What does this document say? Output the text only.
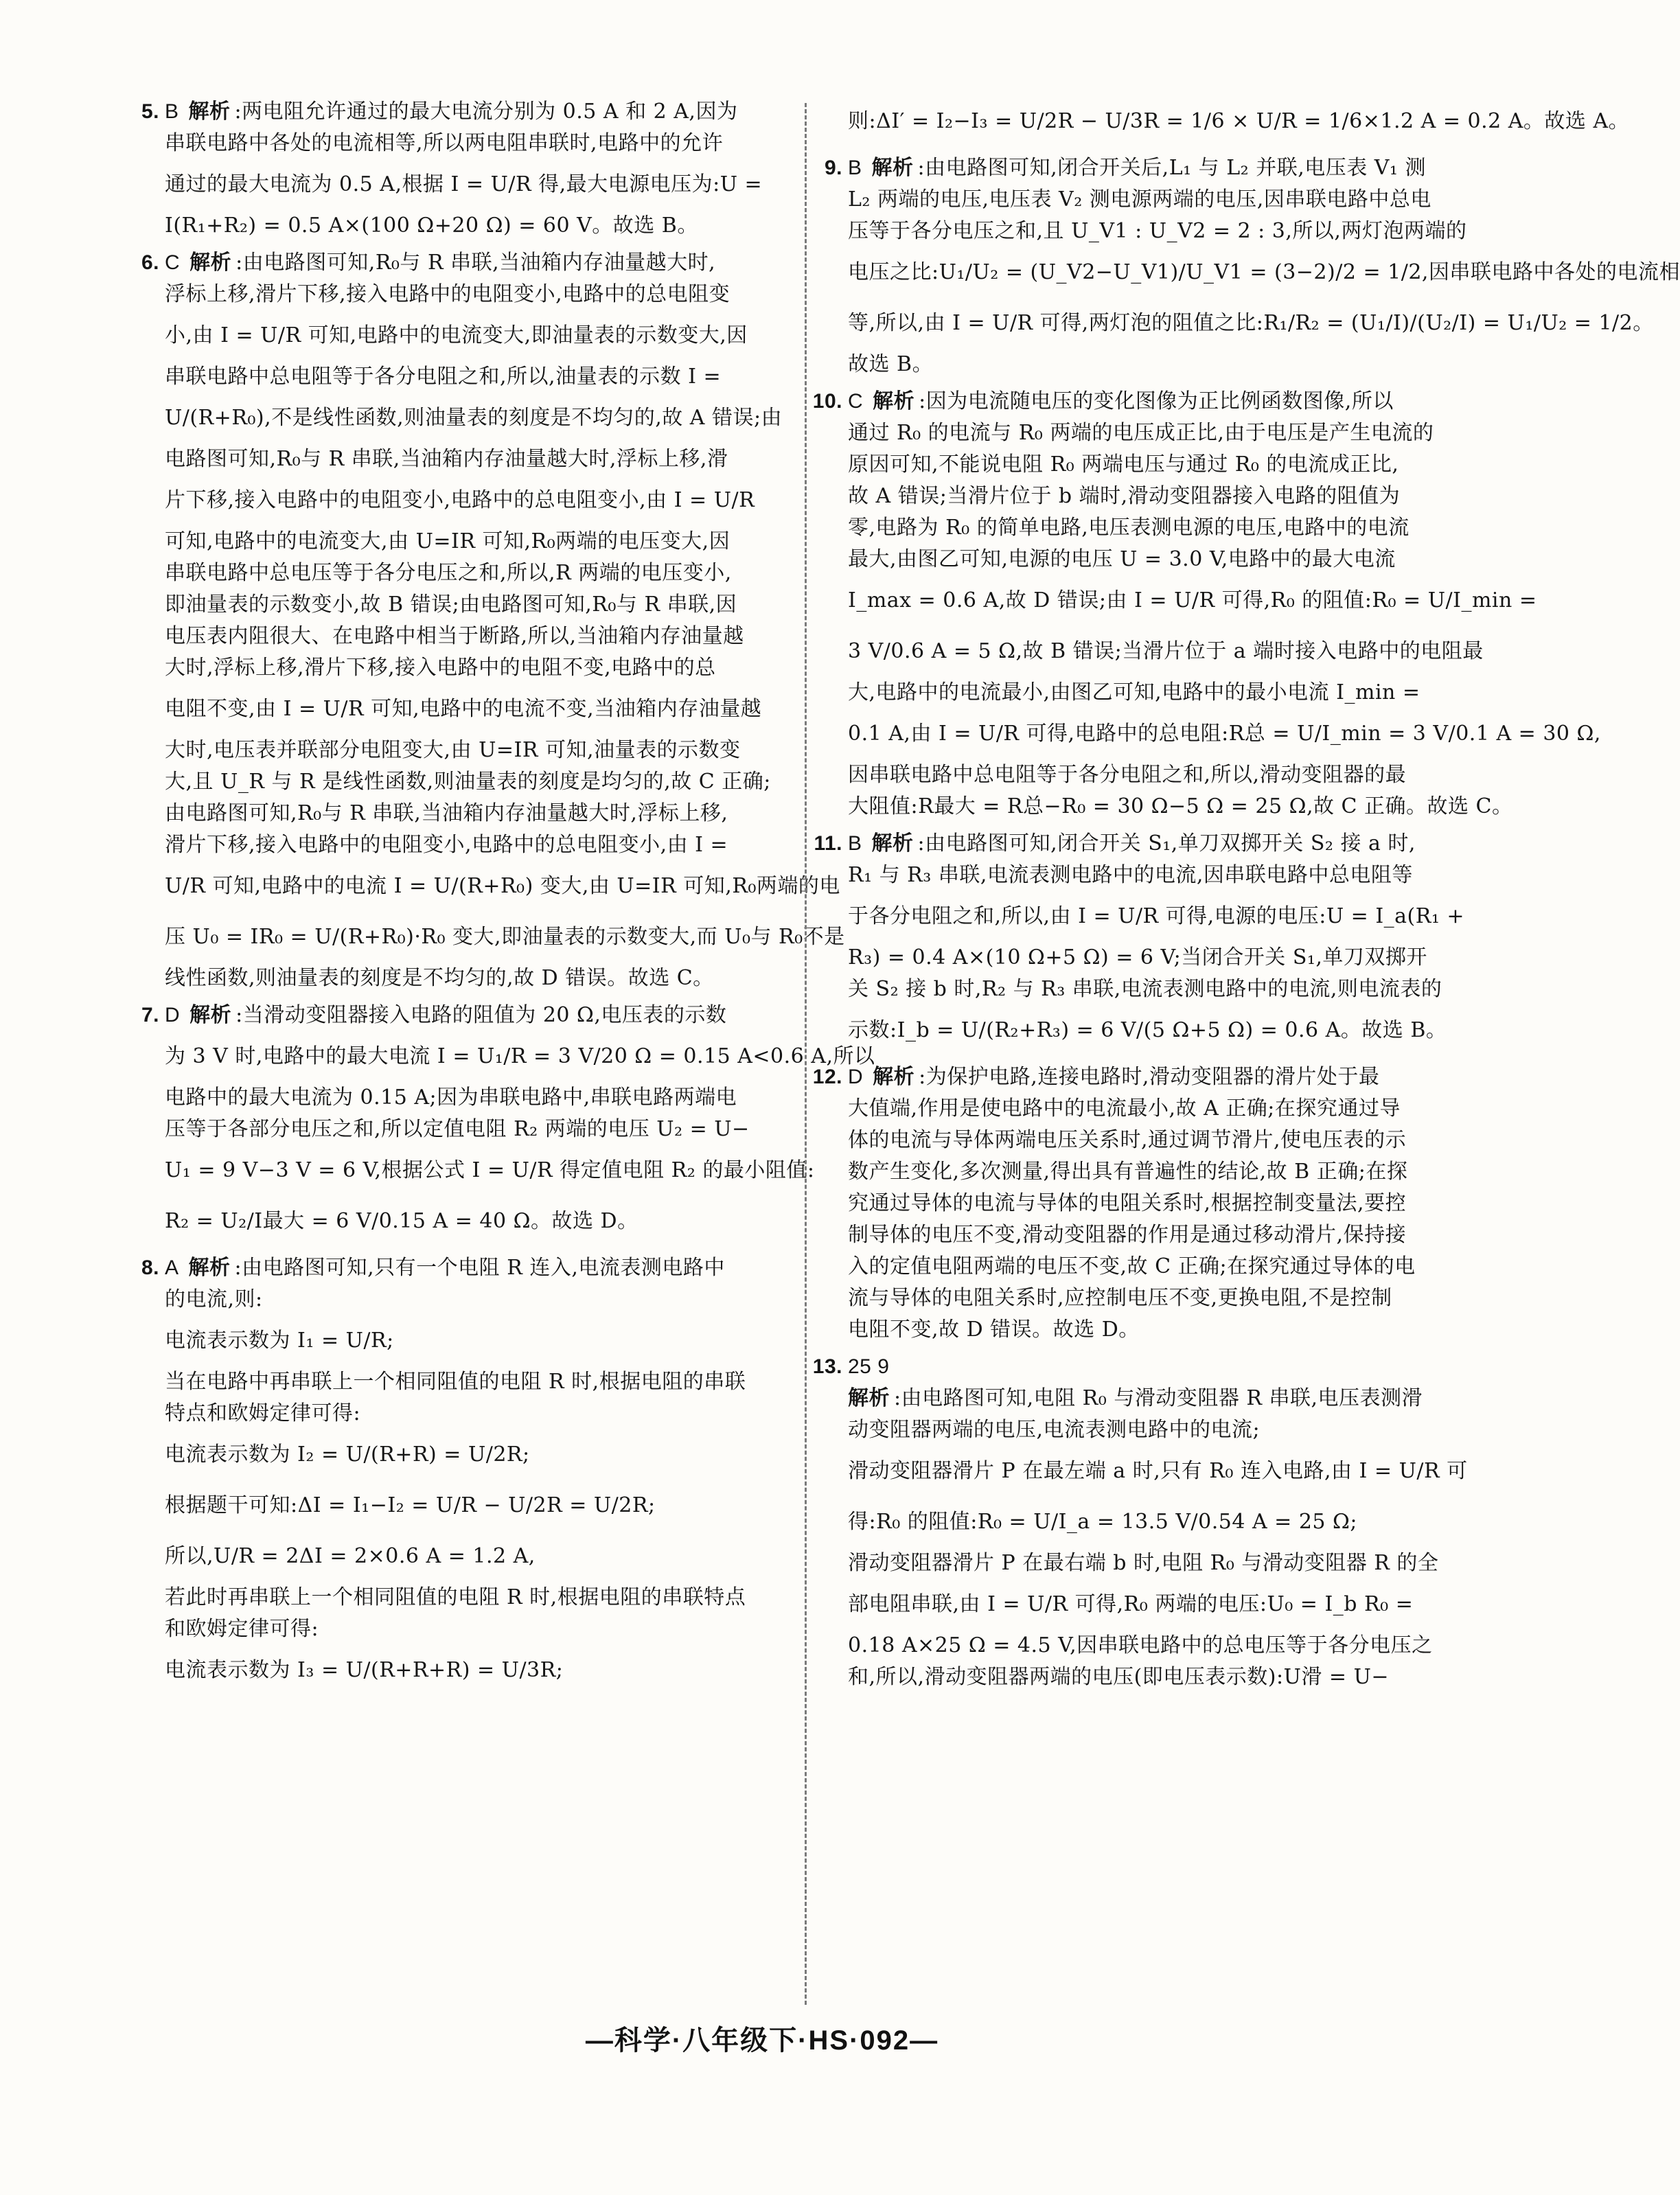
5. B 解析 :两电阻允许通过的最大电流分别为 0.5 A 和 2 A,因为
串联电路中各处的电流相等,所以两电阻串联时,电路中的允许
通过的最大电流为 0.5 A,根据 I = U/R 得,最大电源电压为:U =
I(R₁+R₂) = 0.5 A×(100 Ω+20 Ω) = 60 V。故选 B。
6. C 解析 :由电路图可知,R₀与 R 串联,当油箱内存油量越大时,
浮标上移,滑片下移,接入电路中的电阻变小,电路中的总电阻变
小,由 I = U/R 可知,电路中的电流变大,即油量表的示数变大,因
串联电路中总电阻等于各分电阻之和,所以,油量表的示数 I =
U/(R+R₀),不是线性函数,则油量表的刻度是不均匀的,故 A 错误;由
电路图可知,R₀与 R 串联,当油箱内存油量越大时,浮标上移,滑
片下移,接入电路中的电阻变小,电路中的总电阻变小,由 I = U/R
可知,电路中的电流变大,由 U=IR 可知,R₀两端的电压变大,因
串联电路中总电压等于各分电压之和,所以,R 两端的电压变小,
即油量表的示数变小,故 B 错误;由电路图可知,R₀与 R 串联,因
电压表内阻很大、在电路中相当于断路,所以,当油箱内存油量越
大时,浮标上移,滑片下移,接入电路中的电阻不变,电路中的总
电阻不变,由 I = U/R 可知,电路中的电流不变,当油箱内存油量越
大时,电压表并联部分电阻变大,由 U=IR 可知,油量表的示数变
大,且 U_R 与 R 是线性函数,则油量表的刻度是均匀的,故 C 正确;
由电路图可知,R₀与 R 串联,当油箱内存油量越大时,浮标上移,
滑片下移,接入电路中的电阻变小,电路中的总电阻变小,由 I =
U/R 可知,电路中的电流 I = U/(R+R₀) 变大,由 U=IR 可知,R₀两端的电
压 U₀ = IR₀ = U/(R+R₀)·R₀ 变大,即油量表的示数变大,而 U₀与 R₀不是
线性函数,则油量表的刻度是不均匀的,故 D 错误。故选 C。
7. D 解析 :当滑动变阻器接入电路的阻值为 20 Ω,电压表的示数
为 3 V 时,电路中的最大电流 I = U₁/R = 3 V/20 Ω = 0.15 A<0.6 A,所以
电路中的最大电流为 0.15 A;因为串联电路中,串联电路两端电
压等于各部分电压之和,所以定值电阻 R₂ 两端的电压 U₂ = U−
U₁ = 9 V−3 V = 6 V,根据公式 I = U/R 得定值电阻 R₂ 的最小阻值:
R₂ = U₂/I最大 = 6 V/0.15 A = 40 Ω。故选 D。
8. A 解析 :由电路图可知,只有一个电阻 R 连入,电流表测电路中
的电流,则:
电流表示数为 I₁ = U/R;
当在电路中再串联上一个相同阻值的电阻 R 时,根据电阻的串联
特点和欧姆定律可得:
电流表示数为 I₂ = U/(R+R) = U/2R;
根据题干可知:ΔI = I₁−I₂ = U/R − U/2R = U/2R;
所以,U/R = 2ΔI = 2×0.6 A = 1.2 A,
若此时再串联上一个相同阻值的电阻 R 时,根据电阻的串联特点
和欧姆定律可得:
电流表示数为 I₃ = U/(R+R+R) = U/3R;
则:ΔI′ = I₂−I₃ = U/2R − U/3R = 1/6 × U/R = 1/6×1.2 A = 0.2 A。故选 A。
9. B 解析 :由电路图可知,闭合开关后,L₁ 与 L₂ 并联,电压表 V₁ 测
L₂ 两端的电压,电压表 V₂ 测电源两端的电压,因串联电路中总电
压等于各分电压之和,且 U_V1 : U_V2 = 2 : 3,所以,两灯泡两端的
电压之比:U₁/U₂ = (U_V2−U_V1)/U_V1 = (3−2)/2 = 1/2,因串联电路中各处的电流相
等,所以,由 I = U/R 可得,两灯泡的阻值之比:R₁/R₂ = (U₁/I)/(U₂/I) = U₁/U₂ = 1/2。
故选 B。
10. C 解析 :因为电流随电压的变化图像为正比例函数图像,所以
通过 R₀ 的电流与 R₀ 两端的电压成正比,由于电压是产生电流的
原因可知,不能说电阻 R₀ 两端电压与通过 R₀ 的电流成正比,
故 A 错误;当滑片位于 b 端时,滑动变阻器接入电路的阻值为
零,电路为 R₀ 的简单电路,电压表测电源的电压,电路中的电流
最大,由图乙可知,电源的电压 U = 3.0 V,电路中的最大电流
I_max = 0.6 A,故 D 错误;由 I = U/R 可得,R₀ 的阻值:R₀ = U/I_min =
3 V/0.6 A = 5 Ω,故 B 错误;当滑片位于 a 端时接入电路中的电阻最
大,电路中的电流最小,由图乙可知,电路中的最小电流 I_min =
0.1 A,由 I = U/R 可得,电路中的总电阻:R总 = U/I_min = 3 V/0.1 A = 30 Ω,
因串联电路中总电阻等于各分电阻之和,所以,滑动变阻器的最
大阻值:R最大 = R总−R₀ = 30 Ω−5 Ω = 25 Ω,故 C 正确。故选 C。
11. B 解析 :由电路图可知,闭合开关 S₁,单刀双掷开关 S₂ 接 a 时,
R₁ 与 R₃ 串联,电流表测电路中的电流,因串联电路中总电阻等
于各分电阻之和,所以,由 I = U/R 可得,电源的电压:U = I_a(R₁ +
R₃) = 0.4 A×(10 Ω+5 Ω) = 6 V;当闭合开关 S₁,单刀双掷开
关 S₂ 接 b 时,R₂ 与 R₃ 串联,电流表测电路中的电流,则电流表的
示数:I_b = U/(R₂+R₃) = 6 V/(5 Ω+5 Ω) = 0.6 A。故选 B。
12. D 解析 :为保护电路,连接电路时,滑动变阻器的滑片处于最
大值端,作用是使电路中的电流最小,故 A 正确;在探究通过导
体的电流与导体两端电压关系时,通过调节滑片,使电压表的示
数产生变化,多次测量,得出具有普遍性的结论,故 B 正确;在探
究通过导体的电流与导体的电阻关系时,根据控制变量法,要控
制导体的电压不变,滑动变阻器的作用是通过移动滑片,保持接
入的定值电阻两端的电压不变,故 C 正确;在探究通过导体的电
流与导体的电阻关系时,应控制电压不变,更换电阻,不是控制
电阻不变,故 D 错误。故选 D。
13. 25 9
解析 :由电路图可知,电阻 R₀ 与滑动变阻器 R 串联,电压表测滑
动变阻器两端的电压,电流表测电路中的电流;
滑动变阻器滑片 P 在最左端 a 时,只有 R₀ 连入电路,由 I = U/R 可
得:R₀ 的阻值:R₀ = U/I_a = 13.5 V/0.54 A = 25 Ω;
滑动变阻器滑片 P 在最右端 b 时,电阻 R₀ 与滑动变阻器 R 的全
部电阻串联,由 I = U/R 可得,R₀ 两端的电压:U₀ = I_b R₀ =
0.18 A×25 Ω = 4.5 V,因串联电路中的总电压等于各分电压之
和,所以,滑动变阻器两端的电压(即电压表示数):U滑 = U−
—科学·八年级下·HS·092—
